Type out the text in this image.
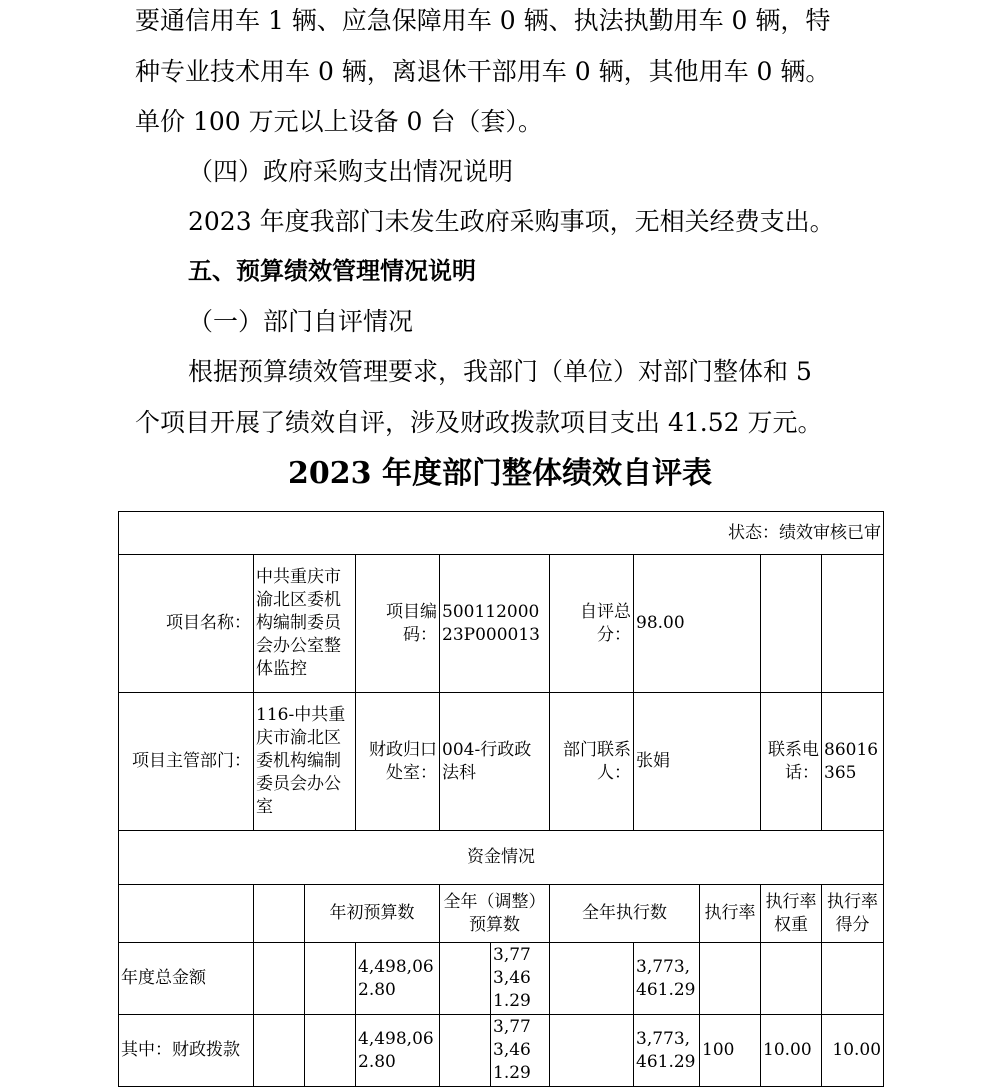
要通信用车 1 辆、应急保障用车 0 辆、执法执勤用车 0 辆，特

种专业技术用车 0 辆，离退休干部用车 0 辆，其他用车 0 辆。

单价 100 万元以上设备 0 台（套）。

（四）政府采购支出情况说明

2023 年度我部门未发生政府采购事项，无相关经费支出。

五、预算绩效管理情况说明

（一）部门自评情况

根据预算绩效管理要求，我部门（单位）对部门整体和 5

个项目开展了绩效自评，涉及财政拨款项目支出 41.52 万元。

2023 年度部门整体绩效自评表
状态：绩效审核已审										
项目名称：	中共重庆市渝北区委机构编制委员会办公室整体监控		项目编码：	50011200023P000013		自评总分：	98.00			
项目主管部门：	116-中共重庆市渝北区委机构编制委员会办公室		财政归口处室：	004-行政政法科		部门联系人：	张娟		联系电话：	86016365
资金情况										
		年初预算数		全年（调整）预算数		全年执行数		执行率	执行率权重	执行率得分
年度总金额			4,498,062.80		3,773,461.29		3,773,461.29			
其中：财政拨款			4,498,062.80		3,773,461.29		3,773,461.29	100	10.00	10.00
